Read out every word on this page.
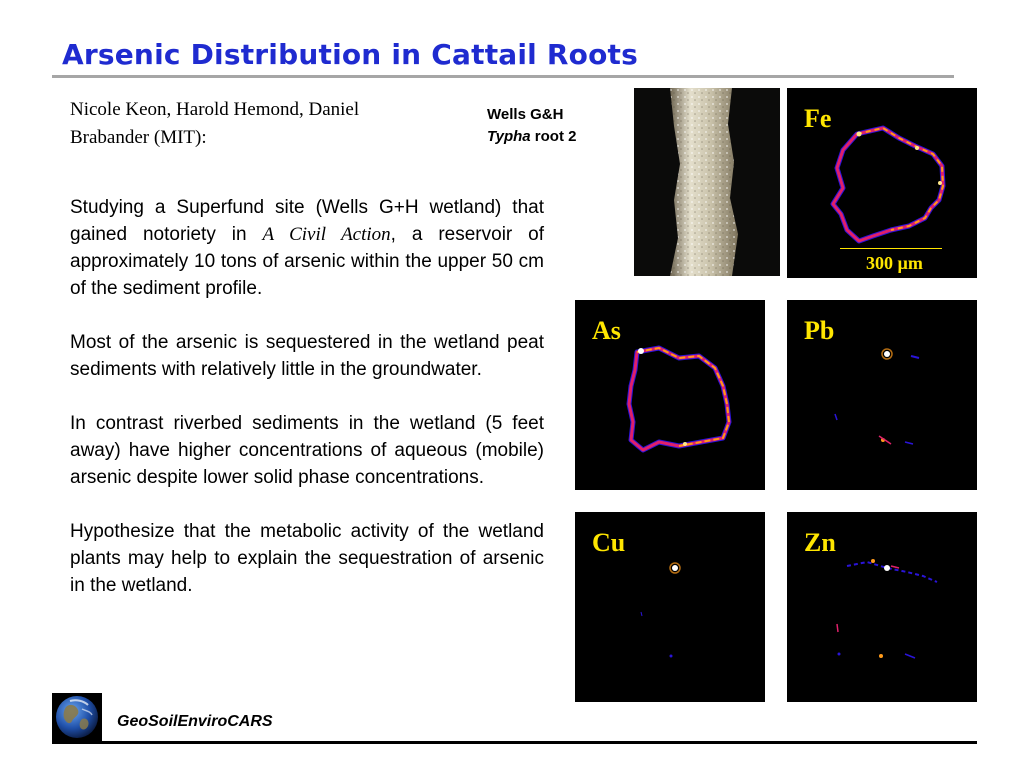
Arsenic Distribution in Cattail Roots
Nicole Keon, Harold Hemond, Daniel Brabander (MIT):
Wells G&H
Typha root 2

Studying a Superfund site (Wells G+H wetland) that gained notoriety in A Civil Action, a reservoir of approximately 10 tons of arsenic within the upper 50 cm of the sediment profile.

Most of the arsenic is sequestered in the wetland peat sediments with relatively little in the groundwater.

In contrast riverbed sediments in the wetland (5 feet away) have higher concentrations of aqueous (mobile) arsenic despite lower solid phase concentrations.

Hypothesize that the metabolic activity of the wetland plants may help to explain the sequestration of arsenic in the wetland.

Fe
300 µm
As	Pb
Cu	Zn
GeoSoilEnviroCARS
